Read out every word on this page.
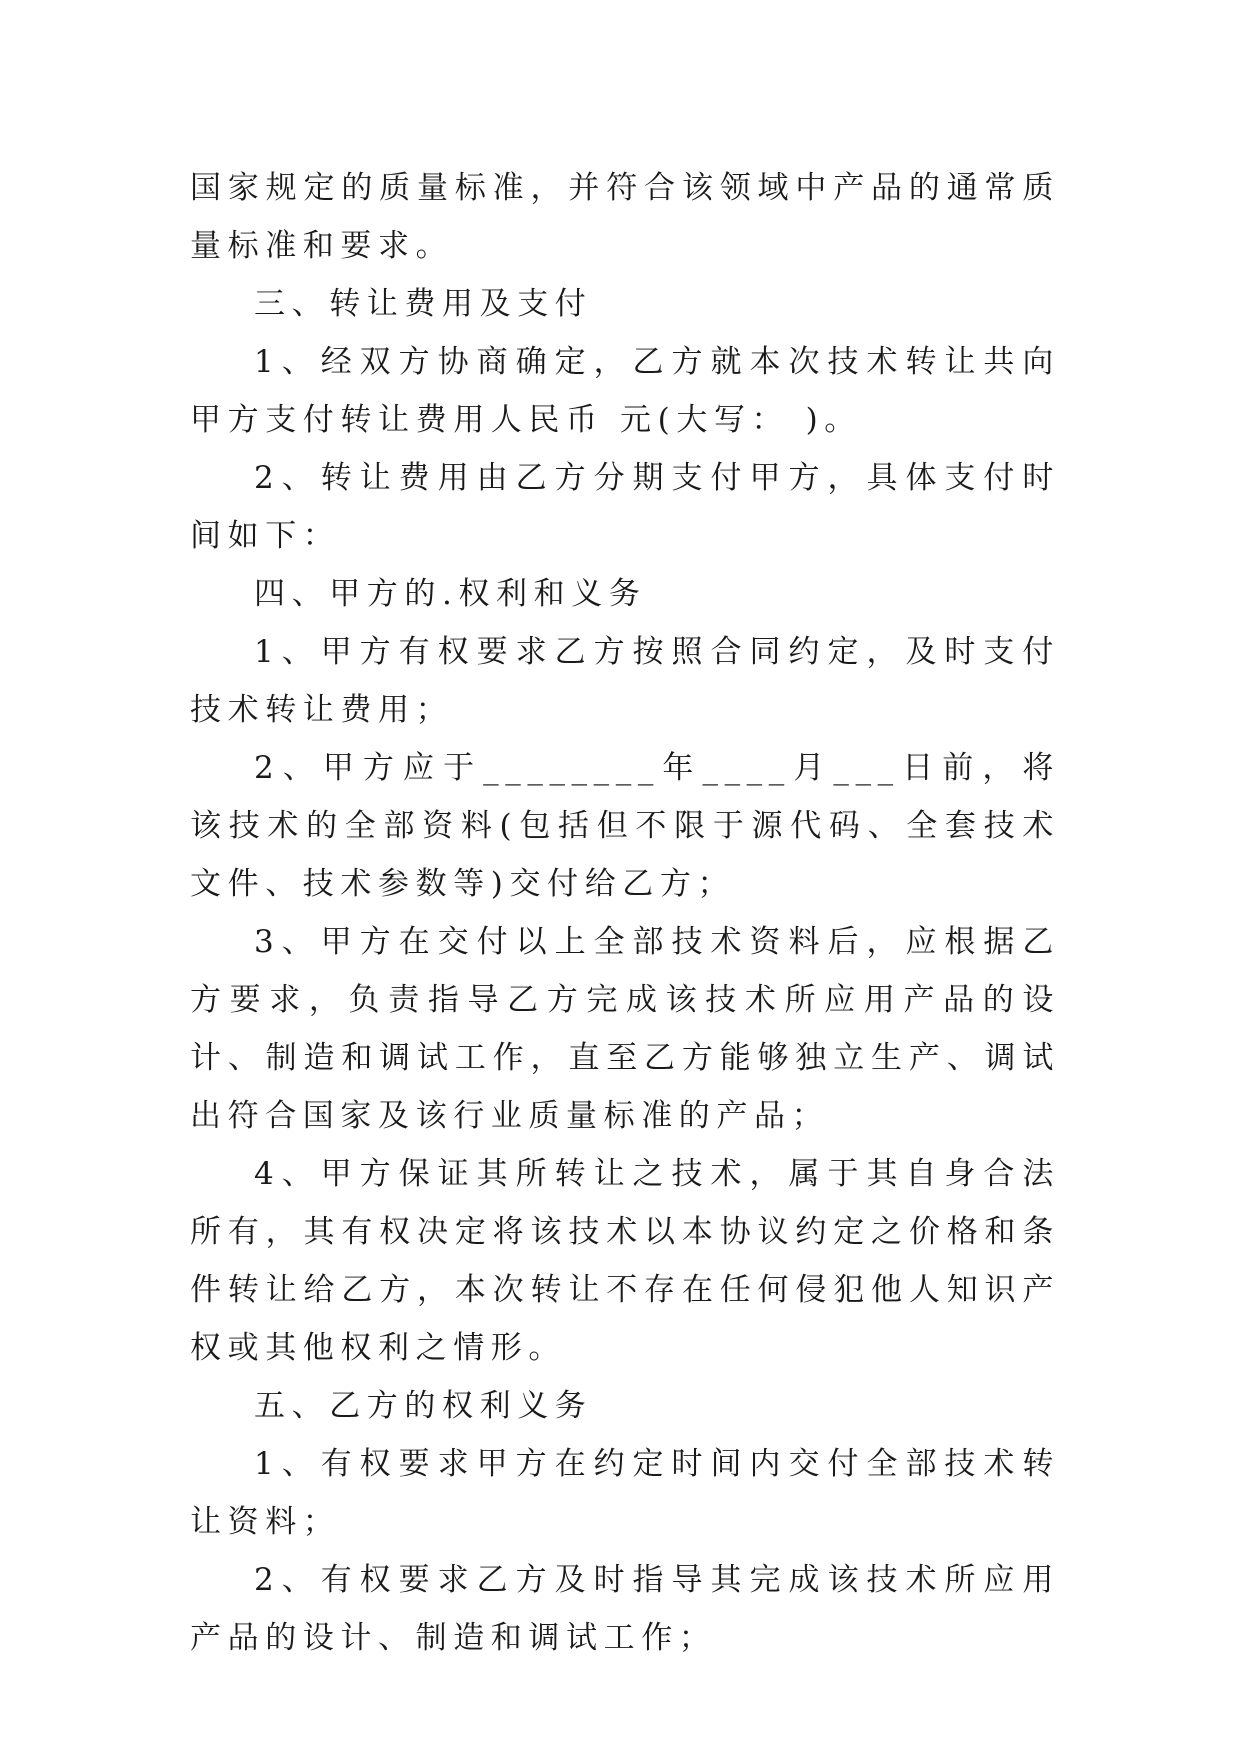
国家规定的质量标准，并符合该领域中产品的通常质量标准和要求。

三、转让费用及支付

1、经双方协商确定，乙方就本次技术转让共向甲方支付转让费用人民币 元(大写： )。

2、转让费用由乙方分期支付甲方，具体支付时间如下：

四、甲方的.权利和义务

1、甲方有权要求乙方按照合同约定，及时支付技术转让费用；

2、甲方应于________年____月___日前，将该技术的全部资料(包括但不限于源代码、全套技术文件、技术参数等)交付给乙方；

3、甲方在交付以上全部技术资料后，应根据乙方要求，负责指导乙方完成该技术所应用产品的设计、制造和调试工作，直至乙方能够独立生产、调试出符合国家及该行业质量标准的产品；

4、甲方保证其所转让之技术，属于其自身合法所有，其有权决定将该技术以本协议约定之价格和条件转让给乙方，本次转让不存在任何侵犯他人知识产权或其他权利之情形。

五、乙方的权利义务

1、有权要求甲方在约定时间内交付全部技术转让资料；

2、有权要求乙方及时指导其完成该技术所应用产品的设计、制造和调试工作；
